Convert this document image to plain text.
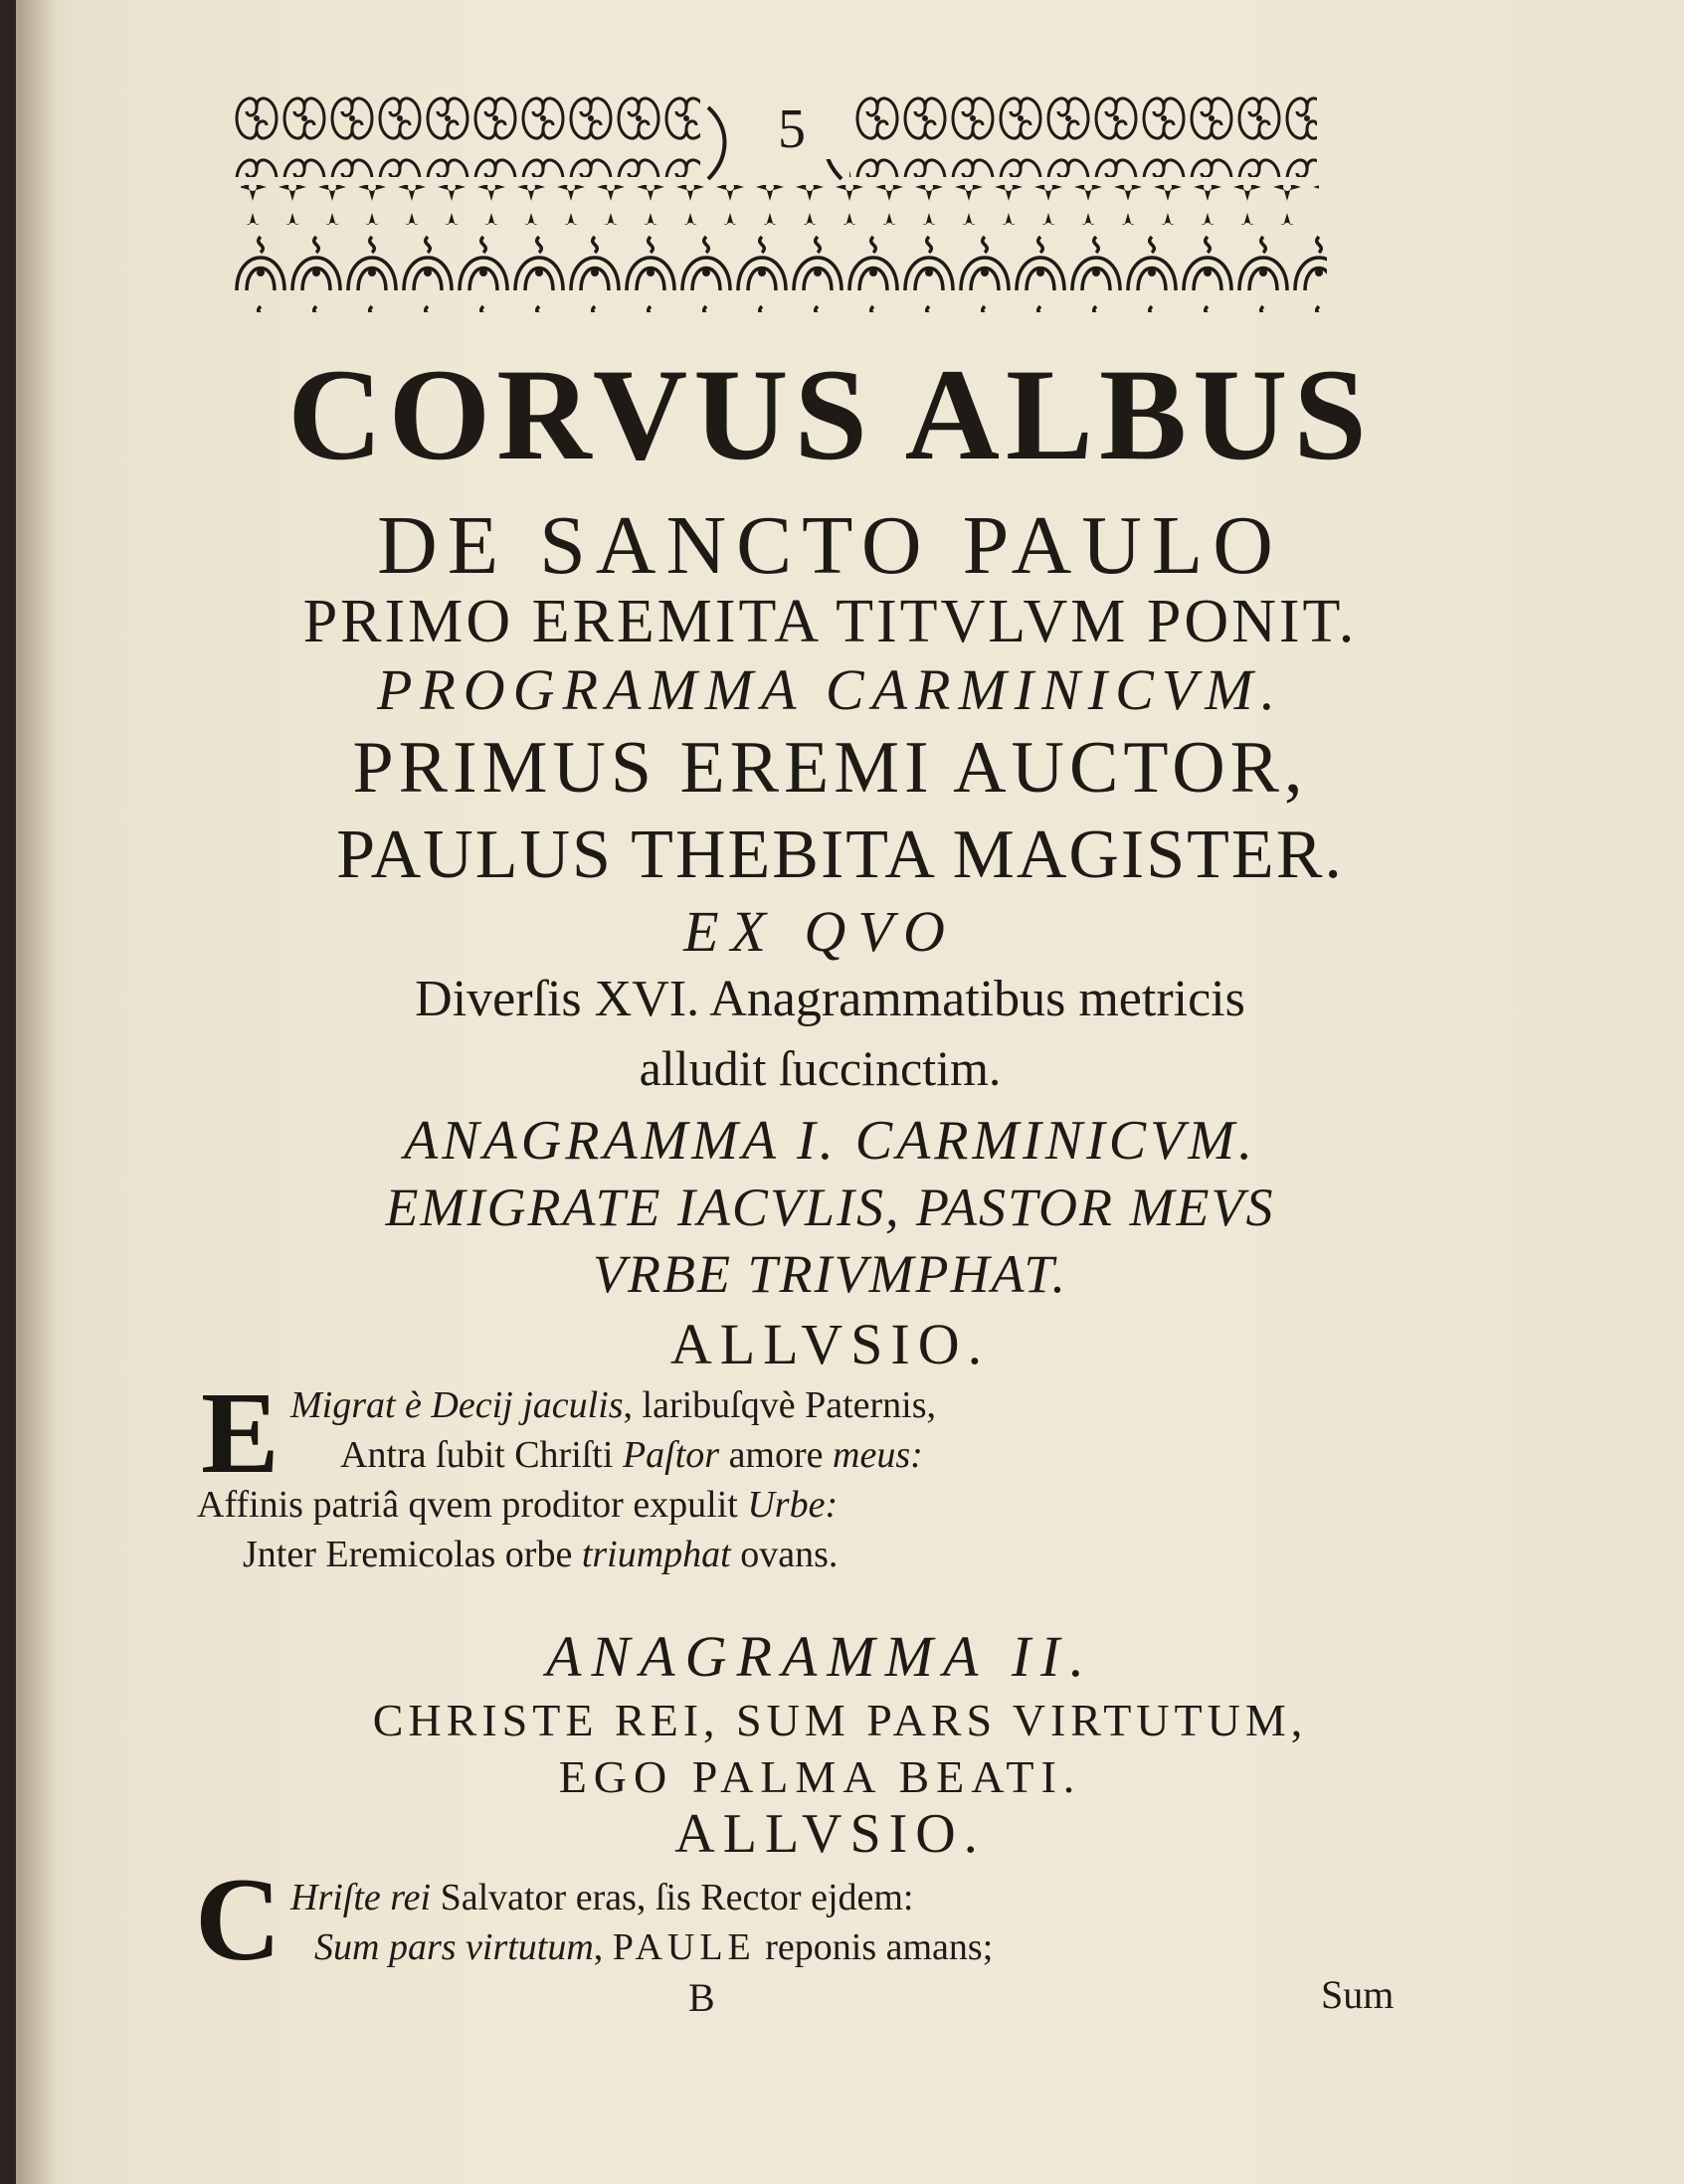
5
CORVUS ALBUS
DE SANCTO PAULO
PRIMO EREMITA TITVLVM PONIT.
PROGRAMMA CARMINICVM.
PRIMUS EREMI AUCTOR,
PAULUS THEBITA MAGISTER.
EX QVO
Diverſis XVI. Anagrammatibus metricis
alludit ſuccinctim.
ANAGRAMMA I. CARMINICVM.
EMIGRATE IACVLIS, PASTOR MEVS
VRBE TRIVMPHAT.
ALLVSIO.
E Migrat è Decij jaculis, laribuſqvè Paternis,
Antra ſubit Chriſti Paſtor amore meus:
Affinis patriâ qvem proditor expulit Urbe:
Jnter Eremicolas orbe triumphat ovans.
ANAGRAMMA II.
CHRISTE REI, SUM PARS VIRTUTUM,
EGO PALMA BEATI.
ALLVSIO.
C Hriſte rei Salvator eras, ſis Rector ejdem:
Sum pars virtutum, PAULE reponis amans;
B	Sum
